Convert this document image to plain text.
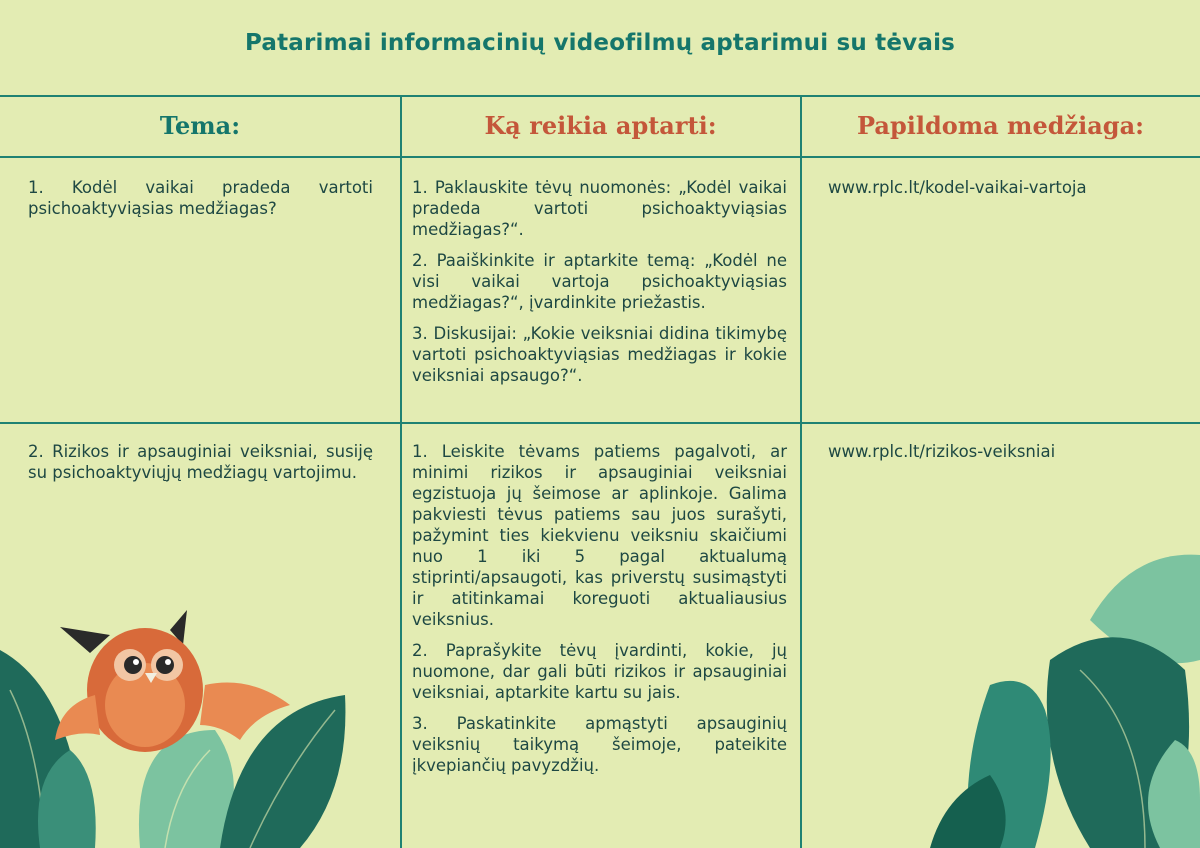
Patarimai informacinių videofilmų aptarimui su tėvais
Tema:	Ką reikia aptarti:	Papildoma medžiaga:

1. Kodėl vaikai pradeda vartoti psichoaktyviąsias medžiagas?

1. Paklauskite tėvų nuomonės: „Kodėl vaikai pradeda vartoti psichoaktyviąsias medžiagas?“.

2. Paaiškinkite ir aptarkite temą: „Kodėl ne visi vaikai vartoja psichoaktyviąsias medžiagas?“, įvardinkite priežastis.

3. Diskusijai: „Kokie veiksniai didina tikimybę vartoti psichoaktyviąsias medžiagas ir kokie veiksniai apsaugo?“.

www.rplc.lt/kodel-vaikai-vartoja

2. Rizikos ir apsauginiai veiksniai, susiję su psichoaktyviųjų medžiagų vartojimu.

1. Leiskite tėvams patiems pagalvoti, ar minimi rizikos ir apsauginiai veiksniai egzistuoja jų šeimose ar aplinkoje. Galima pakviesti tėvus patiems sau juos surašyti, pažymint ties kiekvienu veiksniu skaičiumi nuo 1 iki 5 pagal aktualumą stiprinti/apsaugoti, kas priverstų susimąstyti ir atitinkamai koreguoti aktualiausius veiksnius.

2. Paprašykite tėvų įvardinti, kokie, jų nuomone, dar gali būti rizikos ir apsauginiai veiksniai, aptarkite kartu su jais.

3. Paskatinkite apmąstyti apsauginių veiksnių taikymą šeimoje, pateikite įkvepiančių pavyzdžių.

www.rplc.lt/rizikos-veiksniai
